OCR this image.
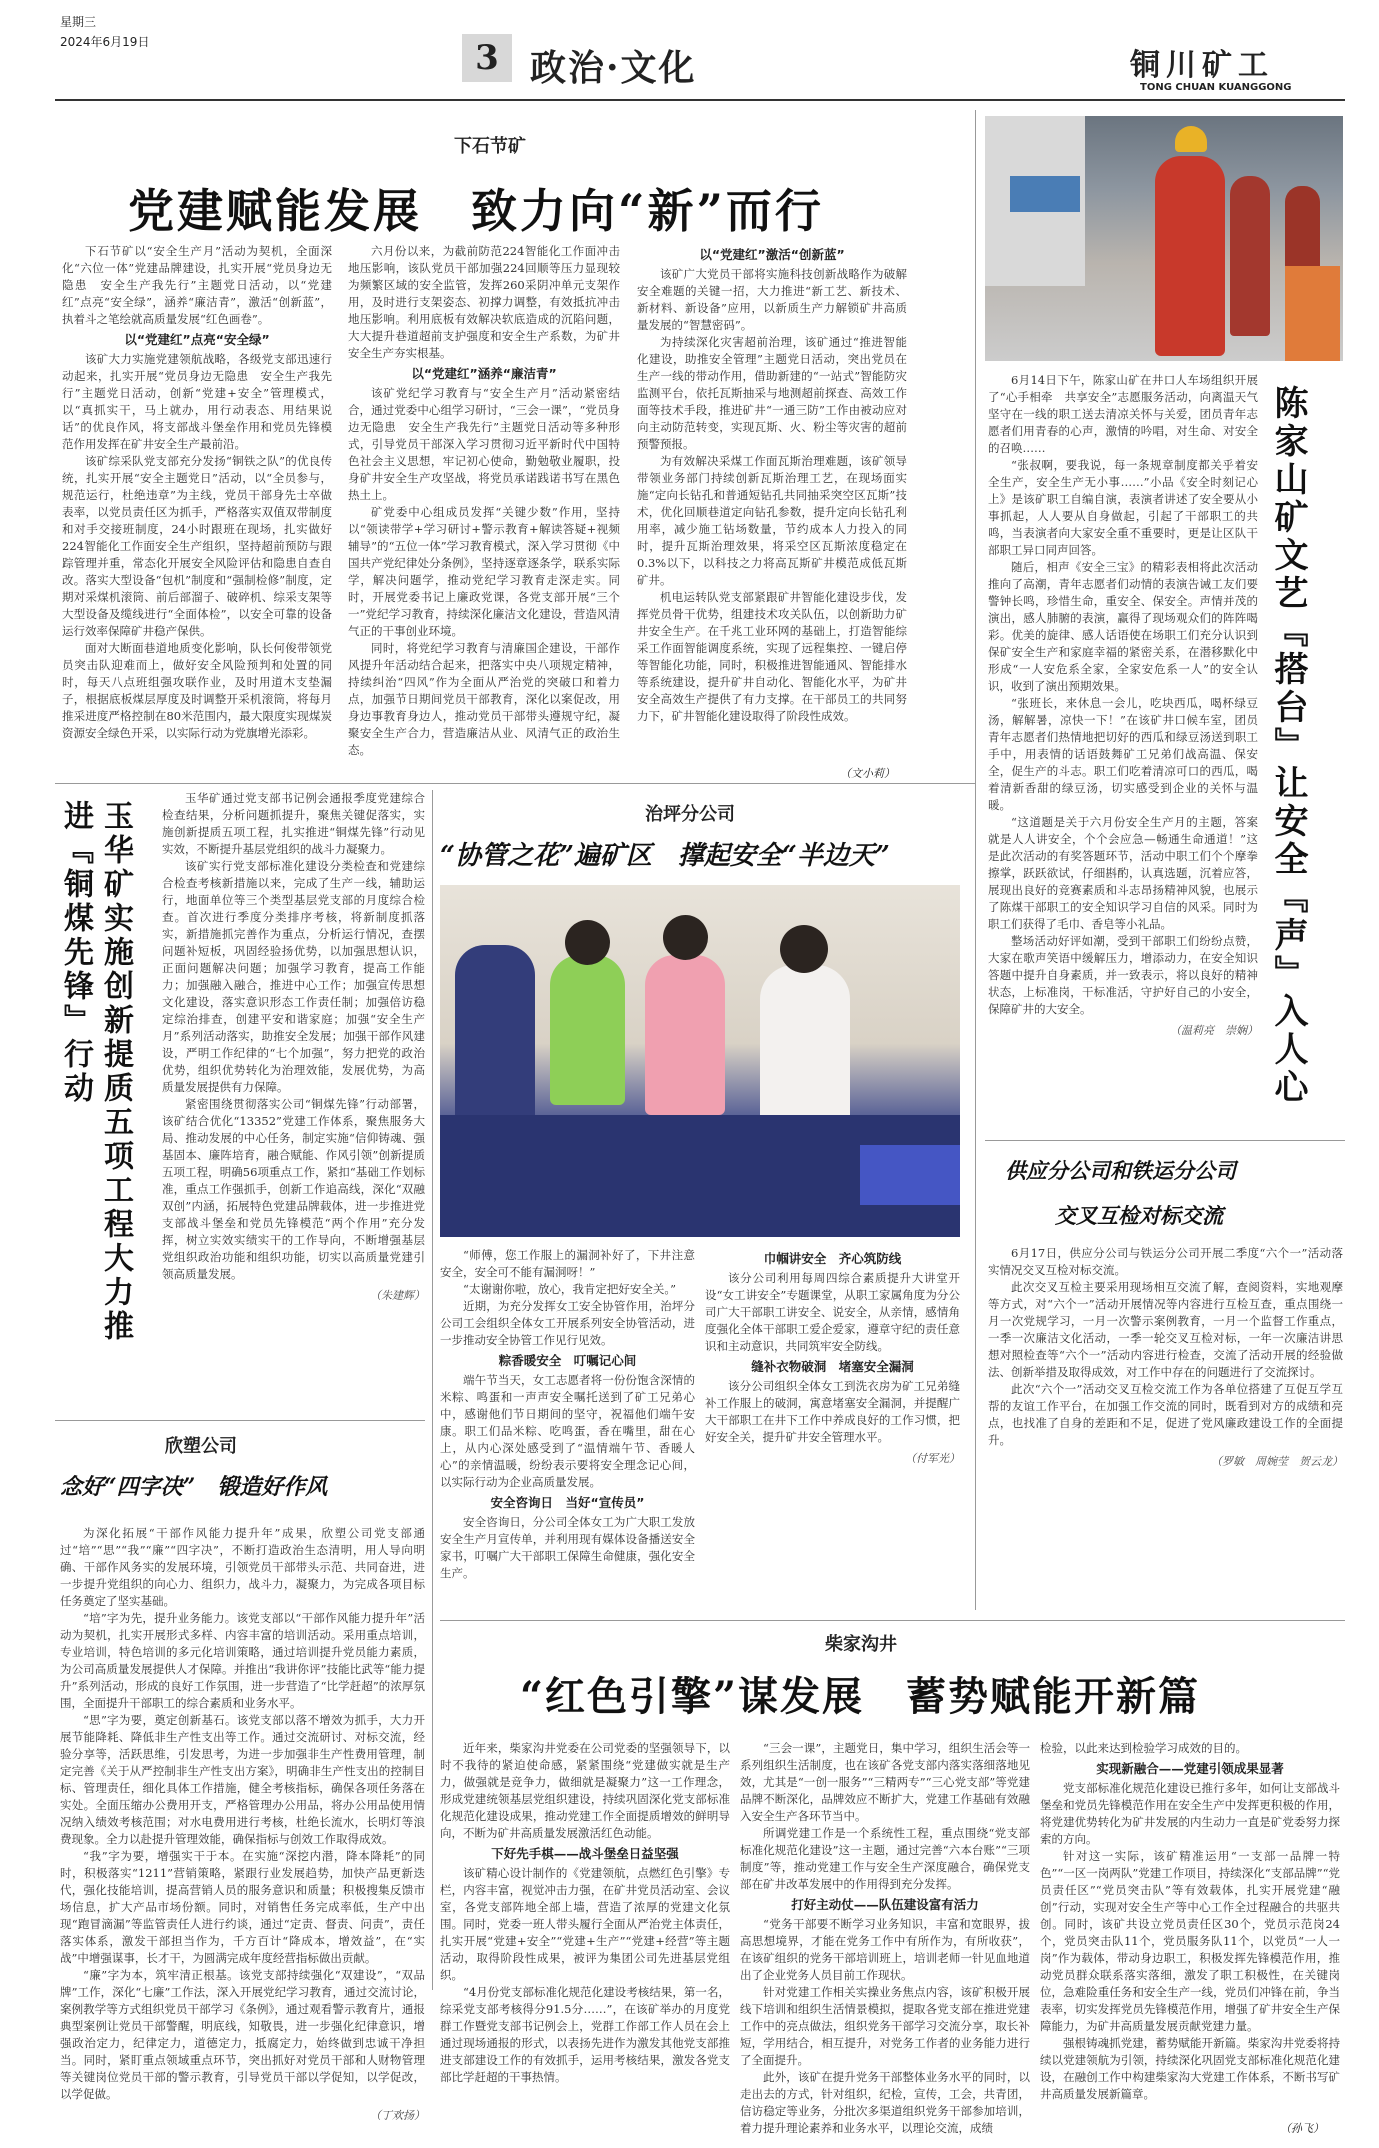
星期三
2024年6月19日	3 政治·文化	铜川矿工
TONG CHUAN KUANGGONG
下石节矿
党建赋能发展　致力向“新”而行

下石节矿以“安全生产月”活动为契机，全面深化“六位一体”党建品牌建设，扎实开展“党员身边无隐患　安全生产我先行”主题党日活动，以“党建红”点亮“安全绿”，涵养“廉洁青”，激活“创新蓝”，执着斗之笔绘就高质量发展“红色画卷”。

以“党建红”点亮“安全绿”

该矿大力实施党建领航战略，各级党支部迅速行动起来，扎实开展“党员身边无隐患　安全生产我先行”主题党日活动，创新“党建+安全”管理模式，以“真抓实干，马上就办，用行动表态、用结果说话”的优良作风，将支部战斗堡垒作用和党员先锋模范作用发挥在矿井安全生产最前沿。

该矿综采队党支部充分发扬“铜铁之队”的优良传统，扎实开展“安全主题党日”活动，以“全员参与，规范运行，杜绝违章”为主线，党员干部身先士卒做表率，以党员责任区为抓手，严格落实双值双带制度和对手交接班制度，24小时跟班在现场，扎实做好224智能化工作面安全生产组织，坚持超前预防与跟踪管理并重，常态化开展安全风险评估和隐患自查自改。落实大型设备“包机”制度和“强制检修”制度，定期对采煤机滚筒、前后部溜子、破碎机、综采支架等大型设备及缆线进行“全面体检”，以安全可靠的设备运行效率保障矿井稳产保供。

面对大断面巷道地质变化影响，队长何俊带领党员突击队迎难而上，做好安全风险预判和处置的同时，每天八点班组强攻联作业，及时用道木支垫漏子，根据底板煤层厚度及时调整开采机滚筒，将每月推采进度严格控制在80米范围内，最大限度实现煤炭资源安全绿色开采，以实际行动为党旗增光添彩。

六月份以来，为截前防范224智能化工作面冲击地压影响，该队党员干部加强224回顺等压力显现较为频繁区域的安全监管，发挥260采阴冲单元支架作用，及时进行支架姿态、初撑力调整，有效抵抗冲击地压影响。利用底板有效解决软底造成的沉陷问题，大大提升巷道超前支护强度和安全生产系数，为矿井安全生产夯实根基。

以“党建红”涵养“廉洁青”

该矿党纪学习教育与“安全生产月”活动紧密结合，通过党委中心组学习研讨，“三会一课”，“党员身边无隐患　安全生产我先行”主题党日活动等多种形式，引导党员干部深入学习贯彻习近平新时代中国特色社会主义思想，牢记初心使命，勤勉敬业履职，投身矿井安全生产攻坚战，将党员承诺践诺书写在黑色热土上。

矿党委中心组成员发挥“关键少数”作用，坚持以“领读带学+学习研讨+警示教育+解读答疑+视频辅导”的“五位一体”学习教育模式，深入学习贯彻《中国共产党纪律处分条例》，坚持逐章逐条学，联系实际学，解决问题学，推动党纪学习教育走深走实。同时，开展党委书记上廉政党课，各党支部开展“三个一”党纪学习教育，持续深化廉洁文化建设，营造风清气正的干事创业环境。

同时，将党纪学习教育与清廉国企建设，干部作风提升年活动结合起来，把落实中央八项规定精神，持续纠治“四风”作为全面从严治党的突破口和着力点，加强节日期间党员干部教育，深化以案促改，用身边事教育身边人，推动党员干部带头遵规守纪，凝聚安全生产合力，营造廉洁从业、风清气正的政治生态。

以“党建红”激活“创新蓝”

该矿广大党员干部将实施科技创新战略作为破解安全难题的关键一招，大力推进“新工艺、新技术、新材料、新设备”应用，以新质生产力解锁矿井高质量发展的“智慧密码”。

为持续深化灾害超前治理，该矿通过“推进智能化建设，助推安全管理”主题党日活动，突出党员在生产一线的带动作用，借助新建的“一站式”智能防灾监测平台，依托瓦斯抽采与地测超前探查、高效工作面等技术手段，推进矿井“一通三防”工作由被动应对向主动防范转变，实现瓦斯、火、粉尘等灾害的超前预警预报。

为有效解决采煤工作面瓦斯治理难题，该矿领导带领业务部门持续创新瓦斯治理工艺，在现场面实施“定向长钻孔和普通短钻孔共同抽采突空区瓦斯”技术，优化回顺巷道定向钻孔参数，提升定向长钻孔利用率，减少施工钻场数量，节约成本人力投入的同时，提升瓦斯治理效果，将采空区瓦斯浓度稳定在0.3%以下，以科技之力将高瓦斯矿井模范成低瓦斯矿井。

机电运转队党支部紧跟矿井智能化建设步伐，发挥党员骨干优势，组建技术攻关队伍，以创新助力矿井安全生产。在千兆工业环网的基础上，打造智能综采工作面智能调度系统，实现了远程集控、一键启停等智能化功能，同时，积极推进智能通风、智能排水等系统建设，提升矿井自动化、智能化水平，为矿井安全高效生产提供了有力支撑。在干部员工的共同努力下，矿井智能化建设取得了阶段性成效。

（文小莉）	陈家山矿文艺『搭台』让安全『声』入人心

6月14日下午，陈家山矿在井口人车场组织开展了“心手相牵　共享安全”志愿服务活动，向离温天气坚守在一线的职工送去清凉关怀与关爱，团员青年志愿者们用青春的心声，激情的吟唱，对生命、对安全的召唤……

“张叔啊，要我说，每一条规章制度都关乎着安全生产，安全生产无小事……”小品《安全时刻记心上》是该矿职工自编自演，表演者讲述了安全要从小事抓起，人人要从自身做起，引起了干部职工的共鸣，当表演者向大家安全重不重要时，更是让区队干部职工异口同声回答。

随后，相声《安全三宝》的精彩表相将此次活动推向了高潮，青年志愿者们动情的表演告诫工友们要警钟长鸣，珍惜生命，重安全、保安全。声情并茂的演出，感人肺腑的表演，赢得了现场观众们的阵阵喝彩。优美的旋律、感人话语使在场职工们充分认识到保矿安全生产和家庭幸福的紧密关系，在潜移默化中形成“一人安危系全家，全家安危系一人”的安全认识，收到了演出预期效果。

“张班长，来休息一会儿，吃块西瓜，喝杯绿豆汤，解解暑，凉快一下！”在该矿井口候车室，团员青年志愿者们热情地把切好的西瓜和绿豆汤送到职工手中，用表情的话语鼓舞矿工兄弟们战高温、保安全，促生产的斗志。职工们吃着清凉可口的西瓜，喝着清新香甜的绿豆汤，切实感受到企业的关怀与温暖。

“这道题是关于六月份安全生产月的主题，答案就是人人讲安全，个个会应急—畅通生命通道！”这是此次活动的有奖答题环节，活动中职工们个个摩拳擦掌，跃跃欲试，仔细斟酌，认真选题，沉着应答，展现出良好的竞赛素质和斗志昂扬精神风貌，也展示了陈煤干部职工的安全知识学习自信的风采。同时为职工们获得了毛巾、香皂等小礼品。

整场活动好评如潮，受到干部职工们纷纷点赞，大家在歌声笑语中缓解压力，增添动力，在安全知识答题中提升自身素质，并一致表示，将以良好的精神状态，上标准岗，干标准活，守护好自己的小安全，保障矿井的大安全。

（温莉亮　崇娴）
玉华矿实施创新提质五项工程大力推进『铜煤先锋』行动

玉华矿通过党支部书记例会通报季度党建综合检查结果，分析问题抓提升，聚焦关键促落实，实施创新提质五项工程，扎实推进“铜煤先锋”行动见实效，不断提升基层党组织的战斗力凝聚力。

该矿实行党支部标准化建设分类检查和党建综合检查考核新措施以来，完成了生产一线，辅助运行，地面单位等三个类型基层党支部的月度综合检查。首次进行季度分类排序考核，将新制度抓落实，新措施抓完善作为重点，分析运行情况，查摆问题补短板，巩固经验扬优势，以加强思想认识，正面问题解决问题；加强学习教育，提高工作能力；加强融入融合，推进中心工作；加强宣传思想文化建设，落实意识形态工作责任制；加强倍访稳定综治排查，创建平安和谐家庭；加强“安全生产月”系列活动落实，助推安全发展；加强干部作风建设，严明工作纪律的“七个加强”，努力把党的政治优势，组织优势转化为治理效能，发展优势，为高质量发展提供有力保障。

紧密围绕贯彻落实公司“铜煤先锋”行动部署，该矿结合优化“13352”党建工作体系，聚焦服务大局、推动发展的中心任务，制定实施“信仰铸魂、强基固本、廉阵培育，融合赋能、作风引领”创新提质五项工程，明确56项重点工作，紧扣“基础工作划标准，重点工作强抓手，创新工作追高线，深化“双融双创”内涵，拓展特色党建品牌载体，进一步推进党支部战斗堡垒和党员先锋模范“两个作用”充分发挥，树立实效实绩实干的工作导向，不断增强基层党组织政治功能和组织功能，切实以高质量党建引领高质量发展。

（朱建辉）
欣塑公司
念好“四字决”　锻造好作风

为深化拓展“干部作风能力提升年”成果，欣塑公司党支部通过“培”“思”“我”“廉”“四字决”，不断打造政治生态清明，用人导向明确、干部作风务实的发展环境，引领党员干部带头示范、共同奋进，进一步提升党组织的向心力、组织力，战斗力，凝聚力，为完成各项目标任务奠定了坚实基础。

“培”字为先，提升业务能力。该党支部以“干部作风能力提升年”活动为契机，扎实开展形式多样、内容丰富的培训活动。采用重点培训，专业培训，特色培训的多元化培训策略，通过培训提升党员能力素质，为公司高质量发展提供人才保障。并推出“我讲你评”技能比武等“能力提升”系列活动，形成的良好工作氛围，进一步营造了“比学赶超”的浓厚氛围，全面提升干部职工的综合素质和业务水平。

“思”字为要，奠定创新基石。该党支部以落不增效为抓手，大力开展节能降耗、降低非生产性支出等工作。通过交流研讨、对标交流，经验分享等，活跃思维，引发思考，为进一步加强非生产性费用管理，制定完善《关于从严控制非生产性支出方案》，明确非生产性支出的控制目标、管理责任，细化具体工作措施，健全考核指标，确保各项任务落在实处。全面压缩办公费用开支，严格管理办公用品，将办公用品使用情况纳入绩效考核范围；对水电费用进行考核，杜绝长流水，长明灯等浪费现象。全力以赴提升管理效能，确保指标与创效工作取得成效。

“我”字为要，增强实干于本。在实施“深挖内潜，降本降耗”的同时，积极落实“1211”营销策略，紧跟行业发展趋势，加快产品更新迭代，强化技能培训，提高营销人员的服务意识和质量；积极搜集反馈市场信息，扩大产品市场份额。同时，对销售任务完成率低，生产中出现“跑冒滴漏”等监管责任人进行约谈，通过“定责、督责、问责”，责任落实体系，激发干部担当作为，千方百计“降成本，增效益”，在“实战”中增强谋事，长才干，为圆满完成年度经营指标做出贡献。

“廉”字为本，筑牢清正根基。该党支部持续强化“双建设”，“双品牌”工作，深化“七廉”工作法，深入开展党纪学习教育，通过交流讨论，案例教学等方式组织党员干部学习《条例》，通过观看警示教育片，通报典型案例让党员干部警醒，明底线，知敬畏，进一步强化纪律意识，增强政治定力，纪律定力，道德定力，抵腐定力，始终做到忠诚干净担当。同时，紧盯重点领域重点环节，突出抓好对党员干部和人财物管理等关键岗位党员干部的警示教育，引导党员干部以学促知，以学促改，以学促做。

（丁欢扬）
治坪分公司
“协管之花”遍矿区　撑起安全“半边天”

“师傅，您工作服上的漏洞补好了，下井注意安全，安全可不能有漏洞呀！”

“太谢谢你啦，放心，我肯定把好安全关。”

近期，为充分发挥女工安全协管作用，治坪分公司工会组织全体女工开展系列安全协管活动，进一步推动安全协管工作见行见效。

粽香暖安全　叮嘱记心间

端午节当天，女工志愿者将一份份饱含深情的米粽、鸣蛋和一声声安全嘱托送到了矿工兄弟心中，感谢他们节日期间的坚守，祝福他们端午安康。职工们品米粽、吃鸣蛋，香在嘴里，甜在心上，从内心深处感受到了“温情端午节、香暖人心”的亲情温暖，纷纷表示要将安全理念记心间，以实际行动为企业高质量发展。

安全咨询日　当好“宣传员”

安全咨询日，分公司全体女工为广大职工发放安全生产月宣传单，并利用现有媒体设备播送安全家书，叮嘱广大干部职工保障生命健康，强化安全生产。

巾帼讲安全　齐心筑防线

该分公司利用每周四综合素质提升大讲堂开设“女工讲安全”专题课堂，从职工家属角度为分公司广大干部职工讲安全、说安全，从亲情，感情角度强化全体干部职工爱企爱家，遵章守纪的责任意识和主动意识，共同筑牢安全防线。

缝补衣物破洞　堵塞安全漏洞

该分公司组织全体女工到洗衣房为矿工兄弟缝补工作服上的破洞，寓意堵塞安全漏洞，并提醒广大干部职工在井下工作中养成良好的工作习惯，把好安全关，提升矿井安全管理水平。

（付军光）
供应分公司和铁运分公司
交叉互检对标交流

6月17日，供应分公司与铁运分公司开展二季度“六个一”活动落实情况交叉互检对标交流。

此次交叉互检主要采用现场相互交流了解，查阅资料，实地观摩等方式，对“六个一”活动开展情况等内容进行互检互查，重点围绕一月一次党规学习，一月一次警示案例教育，一月一个监督工作重点，一季一次廉洁文化活动，一季一轮交叉互检对标，一年一次廉洁讲思想对照检查等“六个一”活动内容进行检查，交流了活动开展的经验做法、创新举措及取得成效，对工作中存在的问题进行了交流探讨。

此次“六个一”活动交叉互检交流工作为各单位搭建了互促互学互帮的友谊工作平台，在加强工作交流的同时，既看到对方的成绩和亮点，也找准了自身的差距和不足，促进了党风廉政建设工作的全面提升。

（罗敏　周婉莹　贺云龙）
柴家沟井
“红色引擎”谋发展　蓄势赋能开新篇

近年来，柴家沟井党委在公司党委的坚强领导下，以时不我待的紧迫使命感，紧紧围绕“党建做实就是生产力，做强就是竞争力，做细就是凝聚力”这一工作理念，形成党建统领基层党组织建设，持续巩固深化党支部标准化规范化建设成果，推动党建工作全面提质增效的鲜明导向，不断为矿井高质量发展激活红色动能。

下好先手棋——战斗堡垒日益坚强

该矿精心设计制作的《党建领航，点燃红色引擎》专栏，内容丰富，视觉冲击力强，在矿井党员活动室、会议室，各党支部阵地全部上墙，营造了浓厚的党建文化氛围。同时，党委一班人带头履行全面从严治党主体责任，扎实开展“党建+安全”“党建+生产”“党建+经营”等主题活动，取得阶段性成果，被评为集团公司先进基层党组织。

“4月份党支部标准化规范化建设考核结果，第一名，综采党支部考核得分91.5分……”，在该矿举办的月度党群工作暨党支部书记例会上，党群工作部工作人员在会上通过现场通报的形式，以表扬先进作为激发其他党支部推进支部建设工作的有效抓手，运用考核结果，激发各党支部比学赶超的干事热情。

“三会一课”，主题党日，集中学习，组织生活会等一系列组织生活制度，也在该矿各党支部内落实落细落地见效，尤其是“一创一服务”“三精两专”“三心党支部”等党建品牌不断深化，品牌效应不断扩大，党建工作基础有效融入安全生产各环节当中。

所调党建工作是一个系统性工程，重点围绕“党支部标准化规范化建设”这一主题，通过完善“六本台账”“三项制度”等，推动党建工作与安全生产深度融合，确保党支部在矿井改革发展中的作用得到充分发挥。

打好主动仗——队伍建设富有活力

“党务干部要不断学习业务知识，丰富和宽眼界，拔高思想境界，才能在党务工作中有所作为，有所收获”，在该矿组织的党务干部培训班上，培训老师一针见血地道出了企业党务人员目前工作现状。

针对党建工作相关实操业务焦点内容，该矿积极开展线下培训和组织生活情景模拟，提取各党支部在推进党建工作中的亮点做法，组织党务干部学习交流分享，取长补短，学用结合，相互提升，对党务工作者的业务能力进行了全面提升。

此外，该矿在提升党务干部整体业务水平的同时，以走出去的方式，针对组织，纪检，宣传，工会，共青团，信访稳定等业务，分批次多渠道组织党务干部参加培训，着力提升理论素养和业务水平，以理论交流，成绩

检验，以此来达到检验学习成效的目的。

实现新融合——党建引领成果显著

党支部标准化规范化建设已推行多年，如何让支部战斗堡垒和党员先锋模范作用在安全生产中发挥更积极的作用，将党建优势转化为矿井发展的内生动力一直是矿党委努力探索的方向。

针对这一实际，该矿精准运用“一支部一品牌一特色”“一区一岗两队”党建工作项目，持续深化“支部品牌”“党员责任区”“党员突击队”等有效载体，扎实开展党建“融创”行动，实现对安全生产等中心工作全过程融合的共驱共创。同时，该矿共设立党员责任区30个，党员示范岗24个，党员突击队11个，党员服务队11个，以党员“一人一岗”作为载体，带动身边职工，积极发挥先锋模范作用，推动党员群众联系落实落细，激发了职工积极性，在关键岗位，急难险重任务和安全生产一线，党员们冲锋在前，争当表率，切实发挥党员先锋模范作用，增强了矿井安全生产保障能力，为矿井高质量发展贡献党建力量。

强根铸魂抓党建，蓄势赋能开新篇。柴家沟井党委将持续以党建领航为引领，持续深化巩固党支部标准化规范化建设，在融创工作中构建柴家沟大党建工作体系，不断书写矿井高质量发展新篇章。

（孙飞）
